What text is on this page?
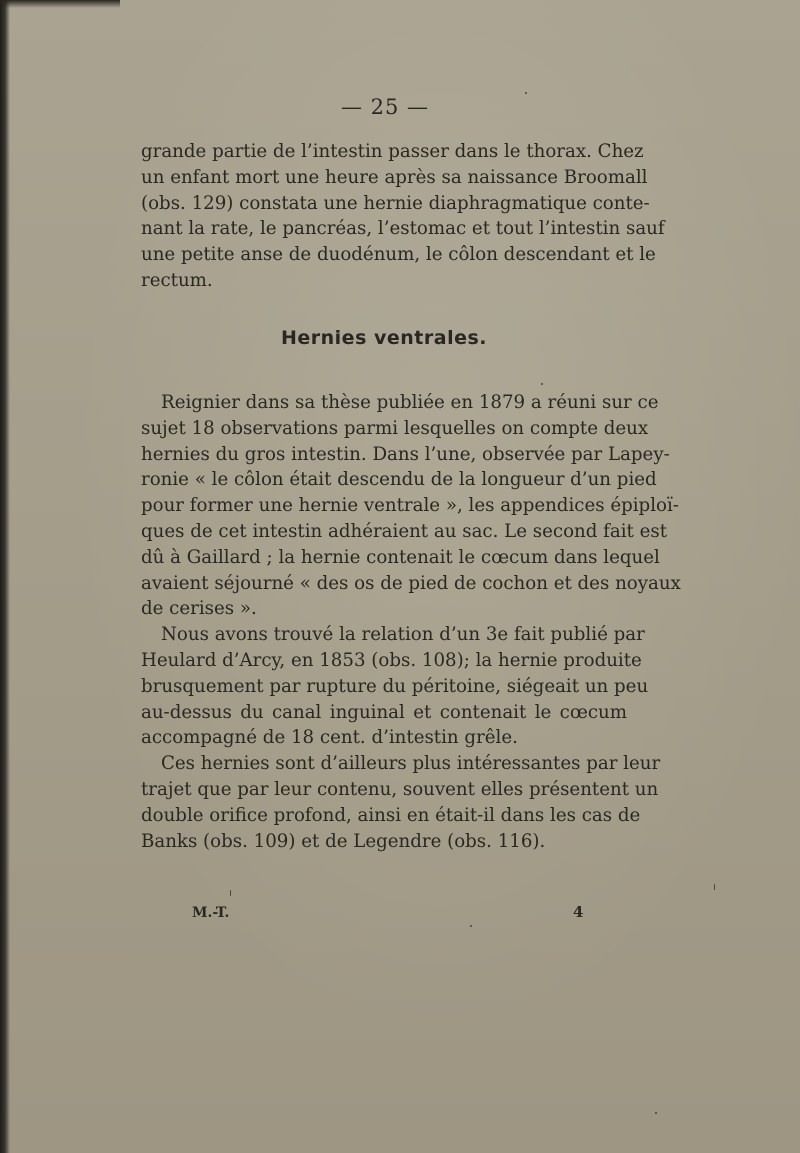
— 25 —
grande partie de l’intestin passer dans le thorax. Chez
un enfant mort une heure après sa naissance Broomall
(obs. 129) constata une hernie diaphragmatique conte-
nant la rate, le pancréas, l’estomac et tout l’intestin sauf
une petite anse de duodénum, le côlon descendant et le
rectum.
Hernies ventrales.
Reignier dans sa thèse publiée en 1879 a réuni sur ce
sujet 18 observations parmi lesquelles on compte deux
hernies du gros intestin. Dans l’une, observée par Lapey-
ronie « le côlon était descendu de la longueur d’un pied
pour former une hernie ventrale », les appendices épiploï-
ques de cet intestin adhéraient au sac. Le second fait est
dû à Gaillard ; la hernie contenait le cœcum dans lequel
avaient séjourné « des os de pied de cochon et des noyaux
de cerises ».
Nous avons trouvé la relation d’un 3e fait publié par
Heulard d’Arcy, en 1853 (obs. 108); la hernie produite
brusquement par rupture du péritoine, siégeait un peu
au-dessus du canal inguinal et contenait le cœcum
accompagné de 18 cent. d’intestin grêle.
Ces hernies sont d’ailleurs plus intéressantes par leur
trajet que par leur contenu, souvent elles présentent un
double orifice profond, ainsi en était-il dans les cas de
Banks (obs. 109) et de Legendre (obs. 116).
M.-T.	4
